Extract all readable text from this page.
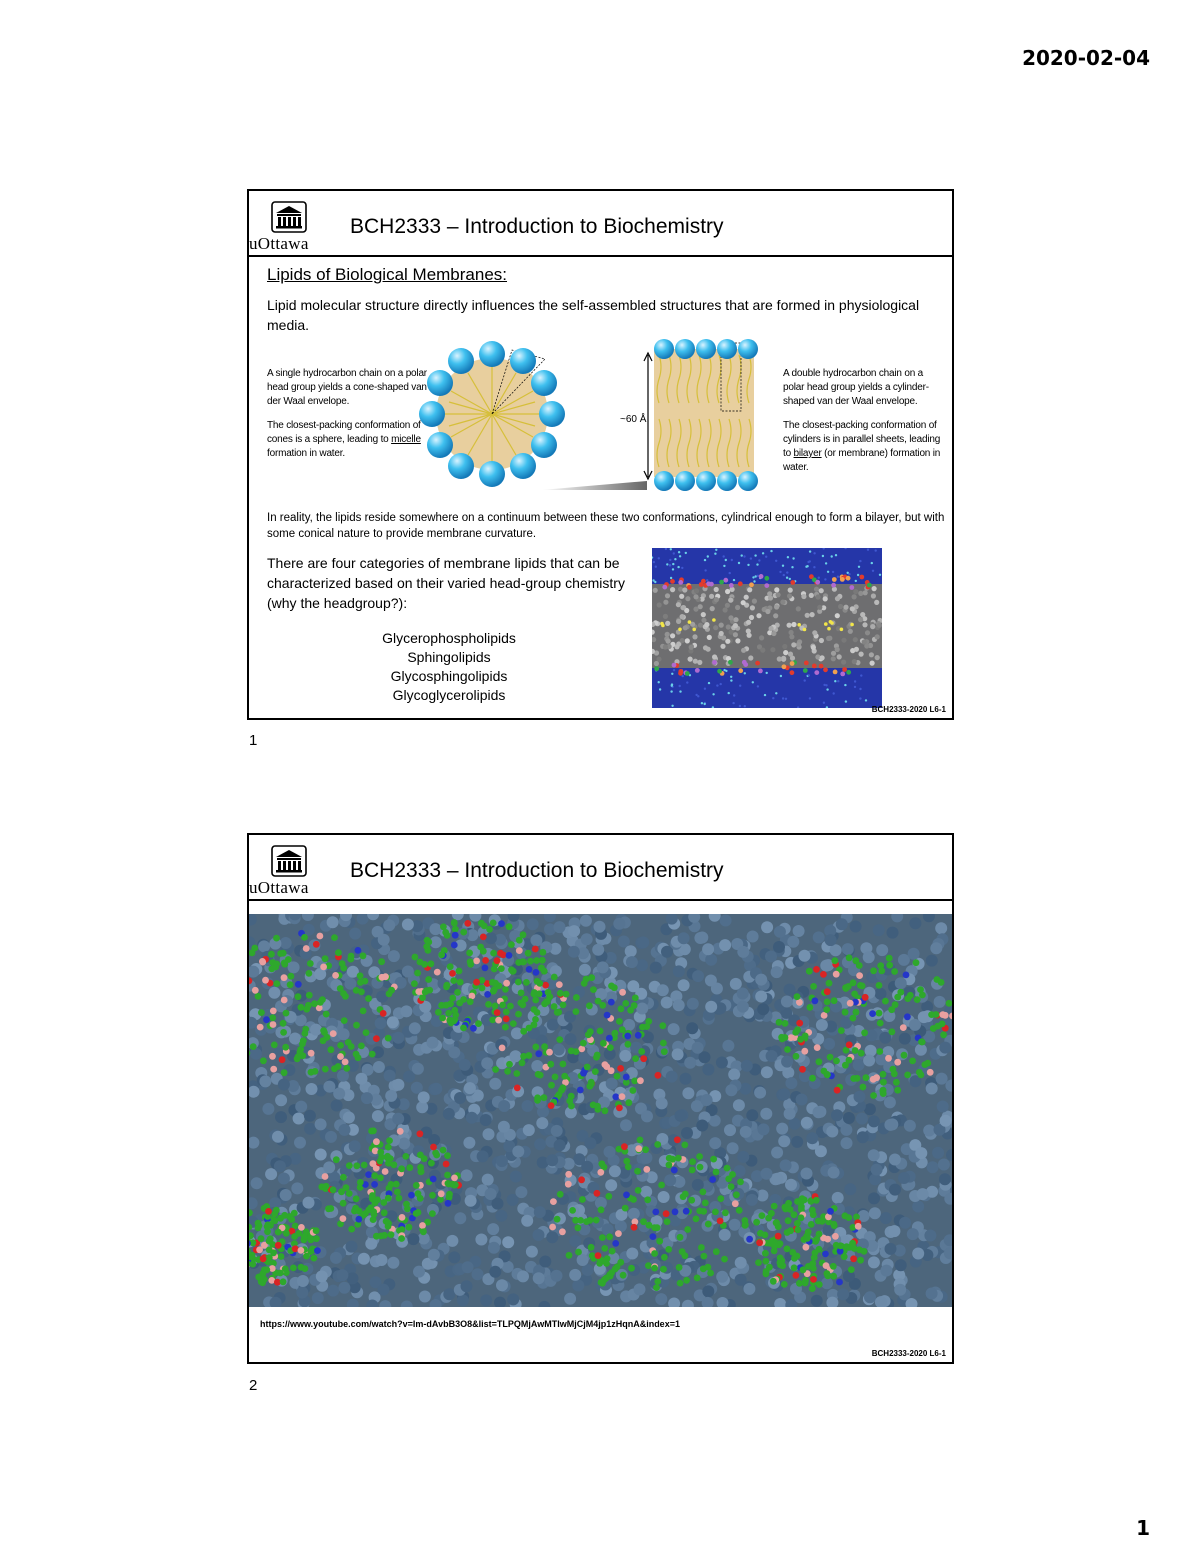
2020-02-04
uOttawa
BCH2333 – Introduction to Biochemistry
Lipids of Biological Membranes:
Lipid molecular structure directly influences the self-assembled structures that are formed in physiological media.

A single hydrocarbon chain on a polar head group yields a cone-shaped van der Waal envelope.

The closest-packing conformation of cones is a sphere, leading to micelle formation in water.

~60 Å

A double hydrocarbon chain on a polar head group yields a cylinder-shaped van der Waal envelope.

The closest-packing conformation of cylinders is in parallel sheets, leading to bilayer (or membrane) formation in water.

In reality, the lipids reside somewhere on a continuum between these two conformations, cylindrical enough to form a bilayer, but with some conical nature to provide membrane curvature.
There are four categories of membrane lipids that can be characterized based on their varied head-group chemistry (why the headgroup?):
Glycerophospholipids
Sphingolipids
Glycosphingolipids
Glycoglycerolipids
BCH2333-2020 L6-1
1
uOttawa
BCH2333 – Introduction to Biochemistry
https://www.youtube.com/watch?v=lm-dAvbB3O8&list=TLPQMjAwMTIwMjCjM4jp1zHqnA&index=1
BCH2333-2020 L6-1
2
1
